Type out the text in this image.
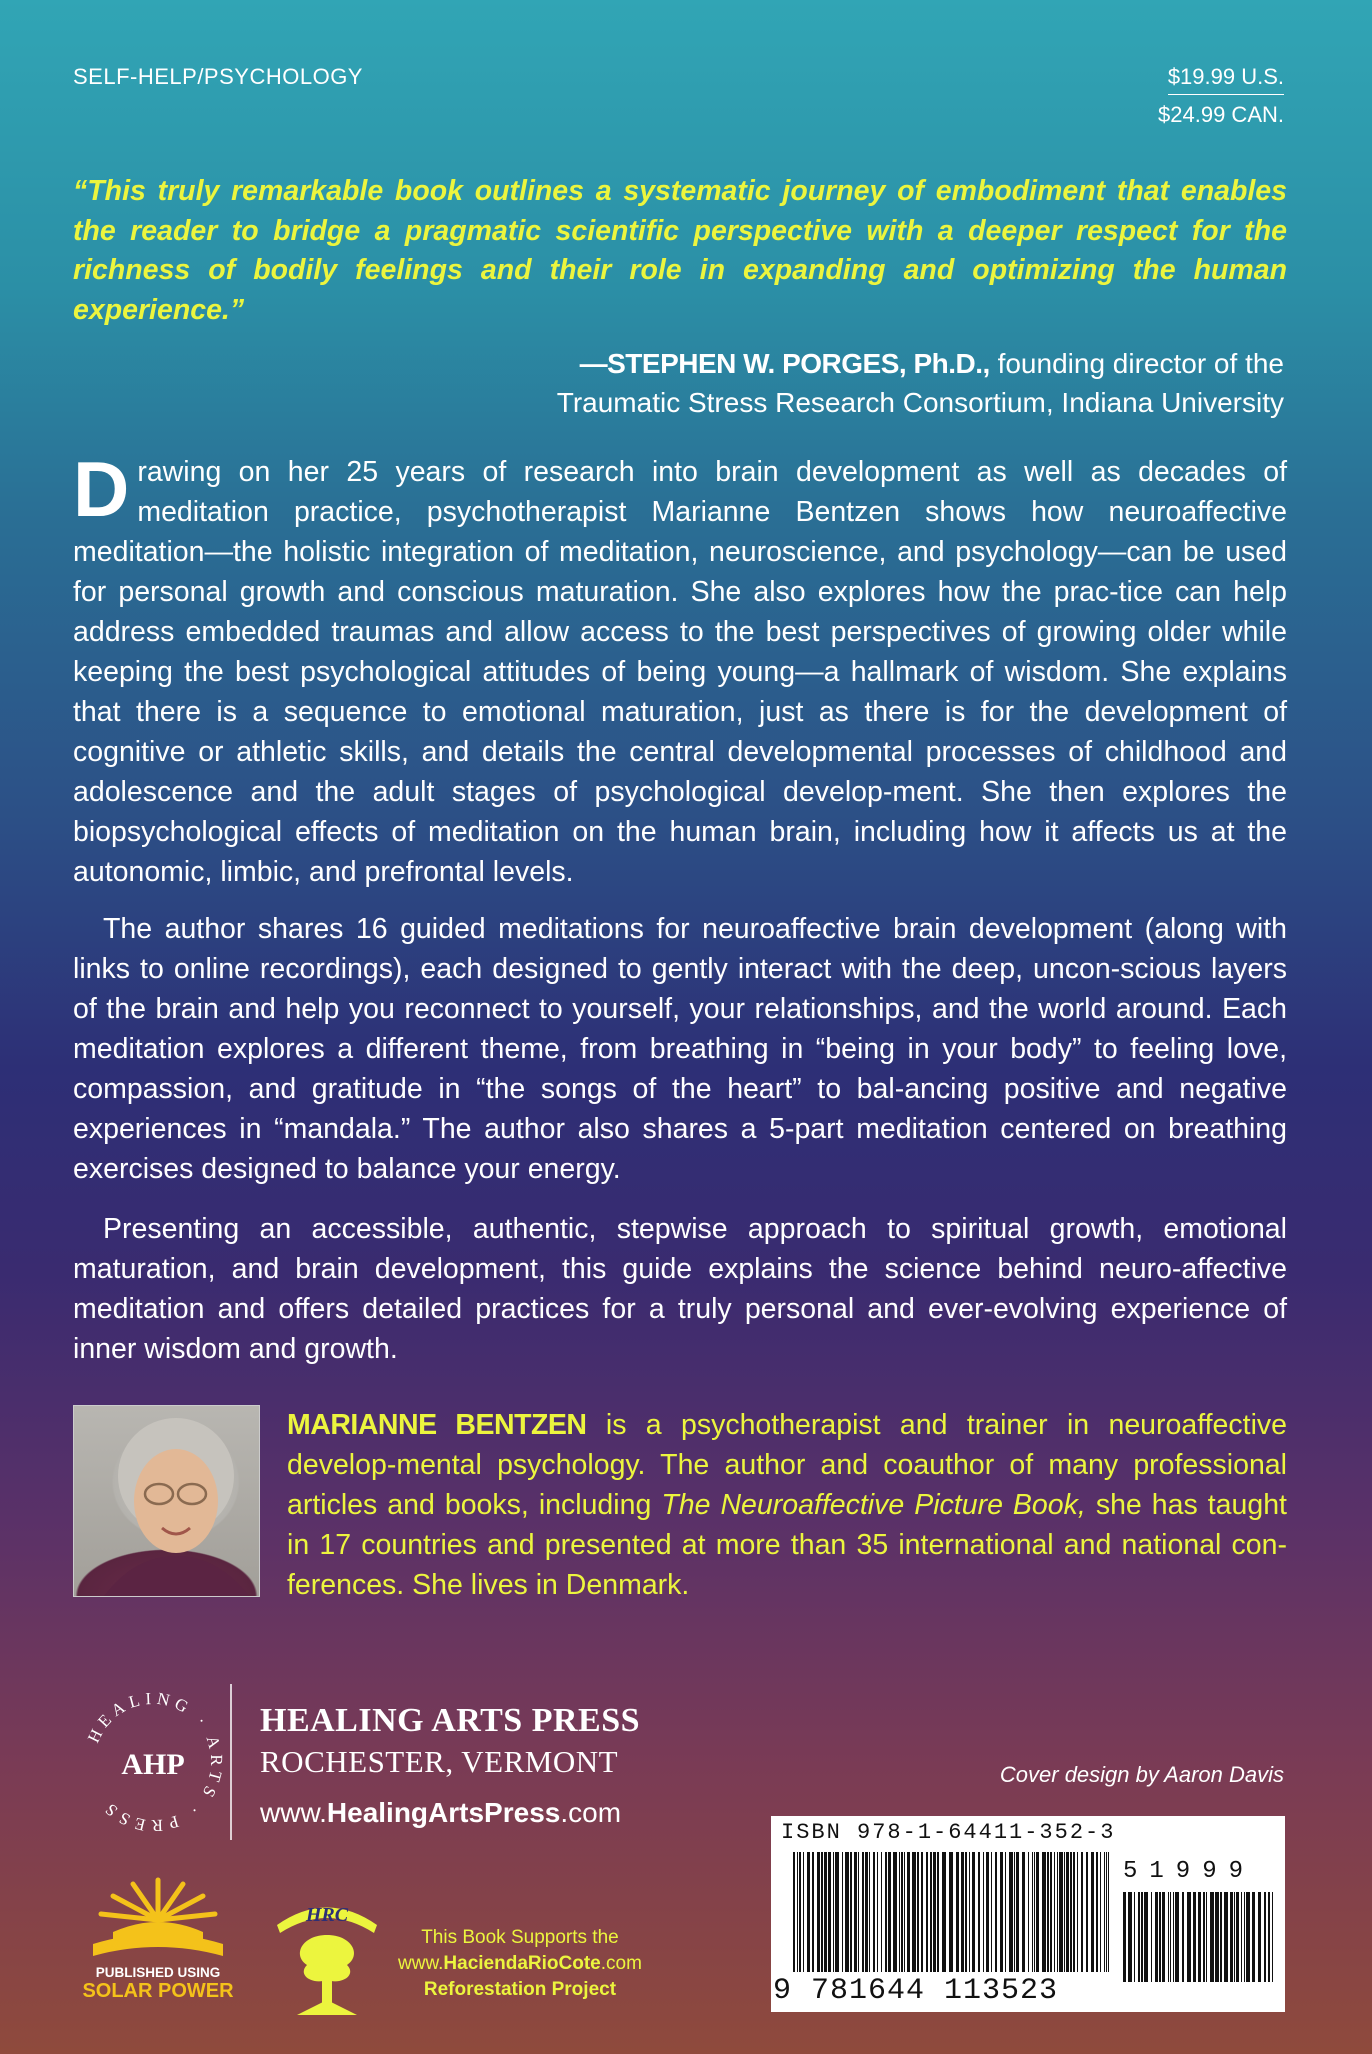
SELF-HELP/PSYCHOLOGY	$19.99 U.S.
$24.99 CAN.
“This truly remarkable book outlines a systematic journey of embodiment that enables the reader to bridge a pragmatic scientific perspective with a deeper respect for the richness of bodily feelings and their role in expanding and optimizing the human experience.”
—STEPHEN W. PORGES, Ph.D., founding director of the
Traumatic Stress Research Consortium, Indiana University
Drawing on her 25 years of research into brain development as well as decades of meditation practice, psychotherapist Marianne Bentzen shows how neuroaffective meditation—the holistic integration of meditation, neuroscience, and psychology—can be used for personal growth and conscious maturation. She also explores how the prac-tice can help address embedded traumas and allow access to the best perspectives of growing older while keeping the best psychological attitudes of being young—a hallmark of wisdom. She explains that there is a sequence to emotional maturation, just as there is for the development of cognitive or athletic skills, and details the central developmental processes of childhood and adolescence and the adult stages of psychological develop-ment. She then explores the biopsychological effects of meditation on the human brain, including how it affects us at the autonomic, limbic, and prefrontal levels.
The author shares 16 guided meditations for neuroaffective brain development (along with links to online recordings), each designed to gently interact with the deep, uncon-scious layers of the brain and help you reconnect to yourself, your relationships, and the world around. Each meditation explores a different theme, from breathing in “being in your body” to feeling love, compassion, and gratitude in “the songs of the heart” to bal-ancing positive and negative experiences in “mandala.” The author also shares a 5-part meditation centered on breathing exercises designed to balance your energy.
Presenting an accessible, authentic, stepwise approach to spiritual growth, emotional maturation, and brain development, this guide explains the science behind neuro-affective meditation and offers detailed practices for a truly personal and ever-evolving experience of inner wisdom and growth.
MARIANNE BENTZEN is a psychotherapist and trainer in neuroaffective develop-mental psychology. The author and coauthor of many professional articles and books, including The Neuroaffective Picture Book, she has taught in 17 countries and presented at more than 35 international and national con-ferences. She lives in Denmark.
HEALING · ARTS · PRESS
AHP
HEALING ARTS PRESS
ROCHESTER, VERMONT
www.HealingArtsPress.com
Cover design by Aaron Davis
ISBN 978-1-64411-352-3
51999
9 781644 113523
PUBLISHED USING
SOLAR POWER
HRC
This Book Supports the
www.HaciendaRioCote.com
Reforestation Project
